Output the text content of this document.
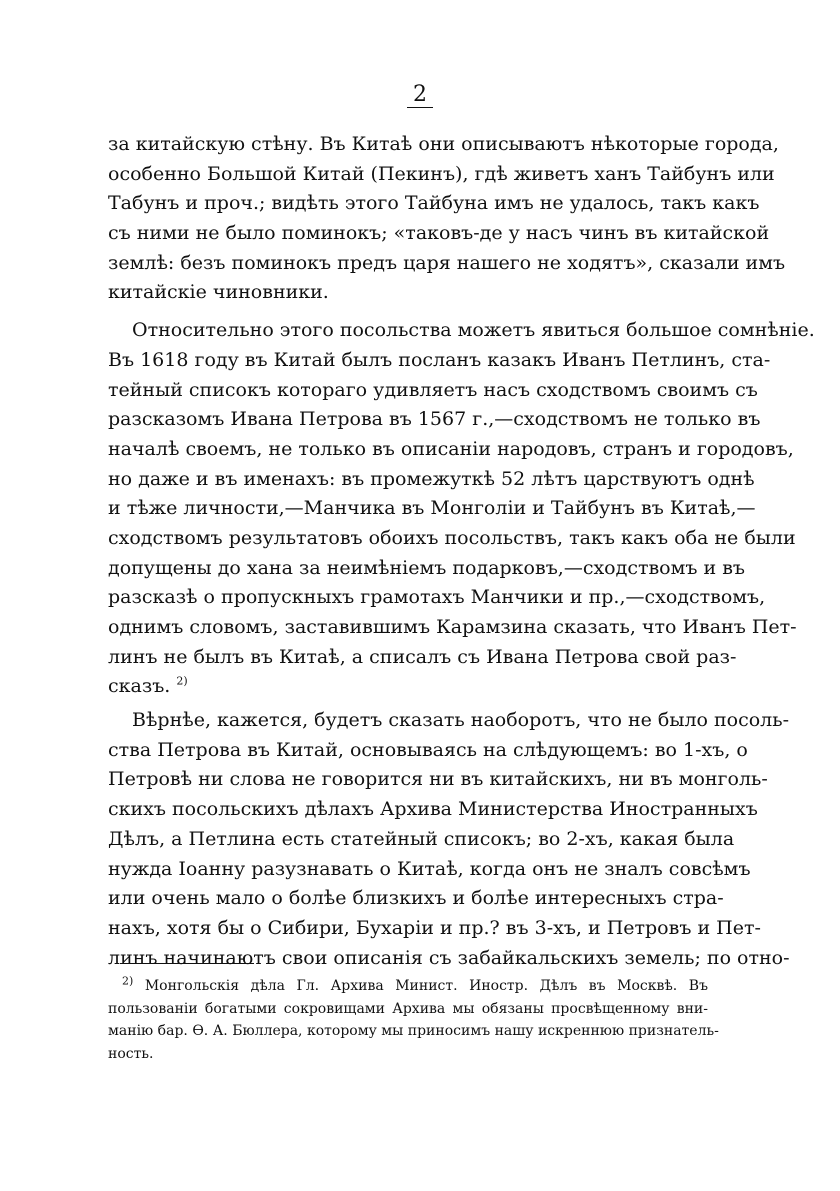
2

за китайскую стѣну. Въ Китаѣ они описываютъ нѣкоторые города,
особенно Большой Китай (Пекинъ), гдѣ живетъ ханъ Тайбунъ или
Табунъ и проч.; видѣть этого Тайбуна имъ не удалось, такъ какъ
съ ними не было поминокъ; «таковъ-де у насъ чинъ въ китайской
землѣ: безъ поминокъ предъ царя нашего не ходятъ», сказали имъ
китайскіе чиновники.

Относительно этого посольства можетъ явиться большое сомнѣніе.
Въ 1618 году въ Китай былъ посланъ казакъ Иванъ Петлинъ, ста-
тейный списокъ котораго удивляетъ насъ сходствомъ своимъ съ
разсказомъ Ивана Петрова въ 1567 г.,—сходствомъ не только въ
началѣ своемъ, не только въ описаніи народовъ, странъ и городовъ,
но даже и въ именахъ: въ промежуткѣ 52 лѣтъ царствуютъ однѣ
и тѣже личности,—Манчика въ Монголіи и Тайбунъ въ Китаѣ,—
сходствомъ результатовъ обоихъ посольствъ, такъ какъ оба не были
допущены до хана за неимѣніемъ подарковъ,—сходствомъ и въ
разсказѣ о пропускныхъ грамотахъ Манчики и пр.,—сходствомъ,
однимъ словомъ, заставившимъ Карамзина сказать, что Иванъ Пет-
линъ не былъ въ Китаѣ, а списалъ съ Ивана Петрова свой раз-
сказъ. $^{2)}$

Вѣрнѣе, кажется, будетъ сказать наоборотъ, что не было посоль-
ства Петрова въ Китай, основываясь на слѣдующемъ: во 1-хъ, о
Петровѣ ни слова не говорится ни въ китайскихъ, ни въ монголь-
скихъ посольскихъ дѣлахъ Архива Министерства Иностранныхъ
Дѣлъ, а Петлина есть статейный списокъ; во 2-хъ, какая была
нужда Іоанну разузнавать о Китаѣ, когда онъ не зналъ совсѣмъ
или очень мало о болѣе близкихъ и болѣе интересныхъ стра-
нахъ, хотя бы о Сибири, Бухаріи и пр.? въ 3-хъ, и Петровъ и Пет-
линъ начинаютъ свои описанія съ забайкальскихъ земель; по отно-

$^{2)}$ Монгольскія дѣла Гл. Архива Минист. Иностр. Дѣлъ въ Москвѣ. Въ
пользованіи богатыми сокровищами Архива мы обязаны просвѣщенному вни-
манію бар. Ѳ. А. Бюллера, которому мы приносимъ нашу искреннюю признатель-
ность.
